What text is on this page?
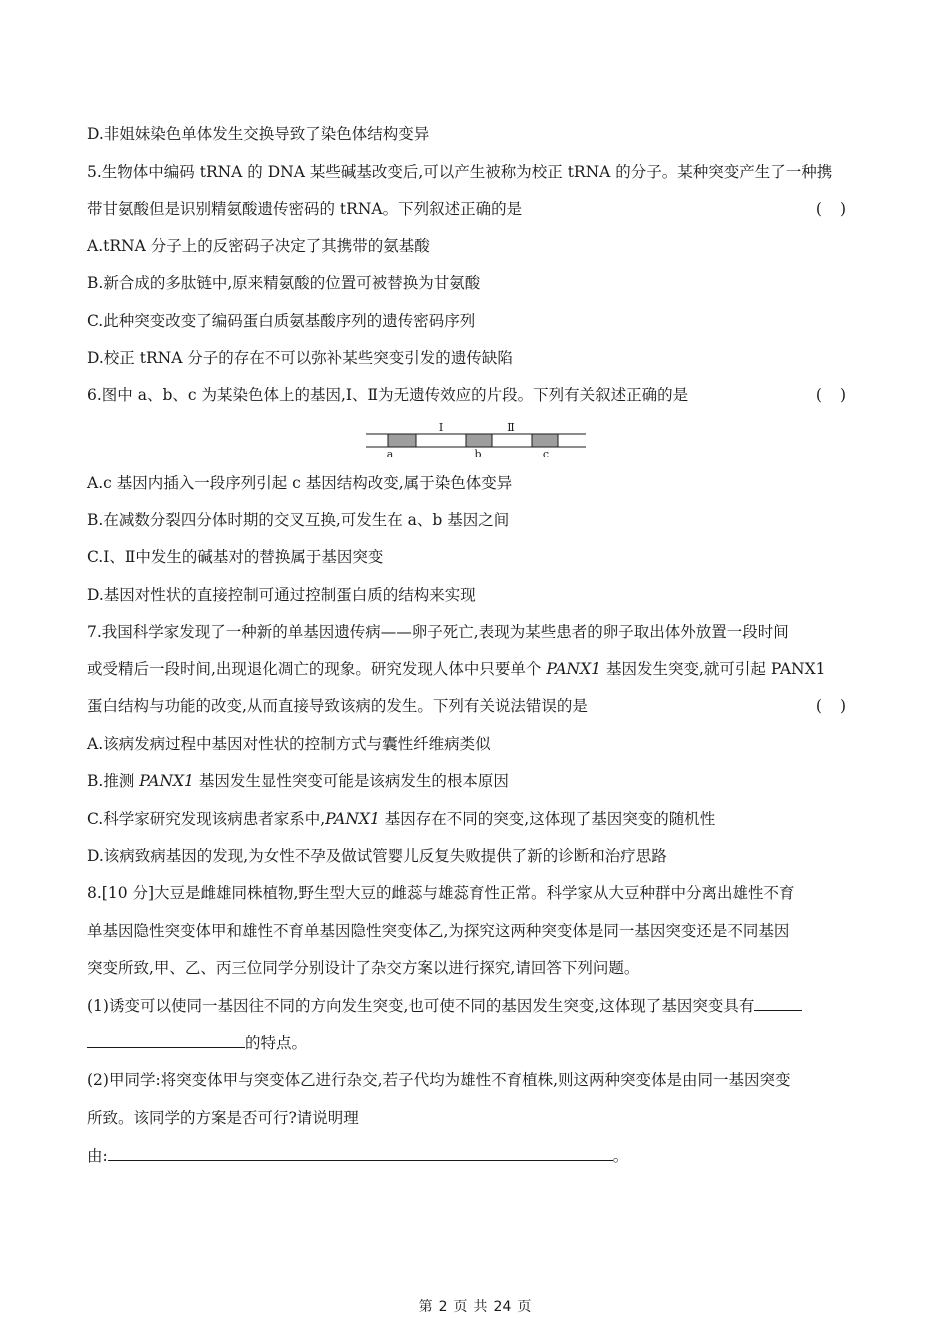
D.非姐妹染色单体发生交换导致了染色体结构变异
5.生物体中编码 tRNA 的 DNA 某些碱基改变后,可以产生被称为校正 tRNA 的分子。某种突变产生了一种携
带甘氨酸但是识别精氨酸遗传密码的 tRNA。下列叙述正确的是	()
A.tRNA 分子上的反密码子决定了其携带的氨基酸
B.新合成的多肽链中,原来精氨酸的位置可被替换为甘氨酸
C.此种突变改变了编码蛋白质氨基酸序列的遗传密码序列
D.校正 tRNA 分子的存在不可以弥补某些突变引发的遗传缺陷
6.图中 a、b、c 为某染色体上的基因,Ⅰ、Ⅱ为无遗传效应的片段。下列有关叙述正确的是	()
Ⅰ	Ⅱ
a	b	c
A.c 基因内插入一段序列引起 c 基因结构改变,属于染色体变异
B.在减数分裂四分体时期的交叉互换,可发生在 a、b 基因之间
C.Ⅰ、Ⅱ中发生的碱基对的替换属于基因突变
D.基因对性状的直接控制可通过控制蛋白质的结构来实现
7.我国科学家发现了一种新的单基因遗传病——卵子死亡,表现为某些患者的卵子取出体外放置一段时间
或受精后一段时间,出现退化凋亡的现象。研究发现人体中只要单个 PANX1 基因发生突变,就可引起 PANX1
蛋白结构与功能的改变,从而直接导致该病的发生。下列有关说法错误的是	()
A.该病发病过程中基因对性状的控制方式与囊性纤维病类似
B.推测 PANX1 基因发生显性突变可能是该病发生的根本原因
C.科学家研究发现该病患者家系中,PANX1 基因存在不同的突变,这体现了基因突变的随机性
D.该病致病基因的发现,为女性不孕及做试管婴儿反复失败提供了新的诊断和治疗思路
8.[10 分]大豆是雌雄同株植物,野生型大豆的雌蕊与雄蕊育性正常。科学家从大豆种群中分离出雄性不育
单基因隐性突变体甲和雄性不育单基因隐性突变体乙,为探究这两种突变体是同一基因突变还是不同基因
突变所致,甲、乙、丙三位同学分别设计了杂交方案以进行探究,请回答下列问题。
(1)诱变可以使同一基因往不同的方向发生突变,也可使不同的基因发生突变,这体现了基因突变具有
的特点。
(2)甲同学:将突变体甲与突变体乙进行杂交,若子代均为雄性不育植株,则这两种突变体是由同一基因突变
所致。该同学的方案是否可行?请说明理
由:	。
第 2 页 共 24 页
